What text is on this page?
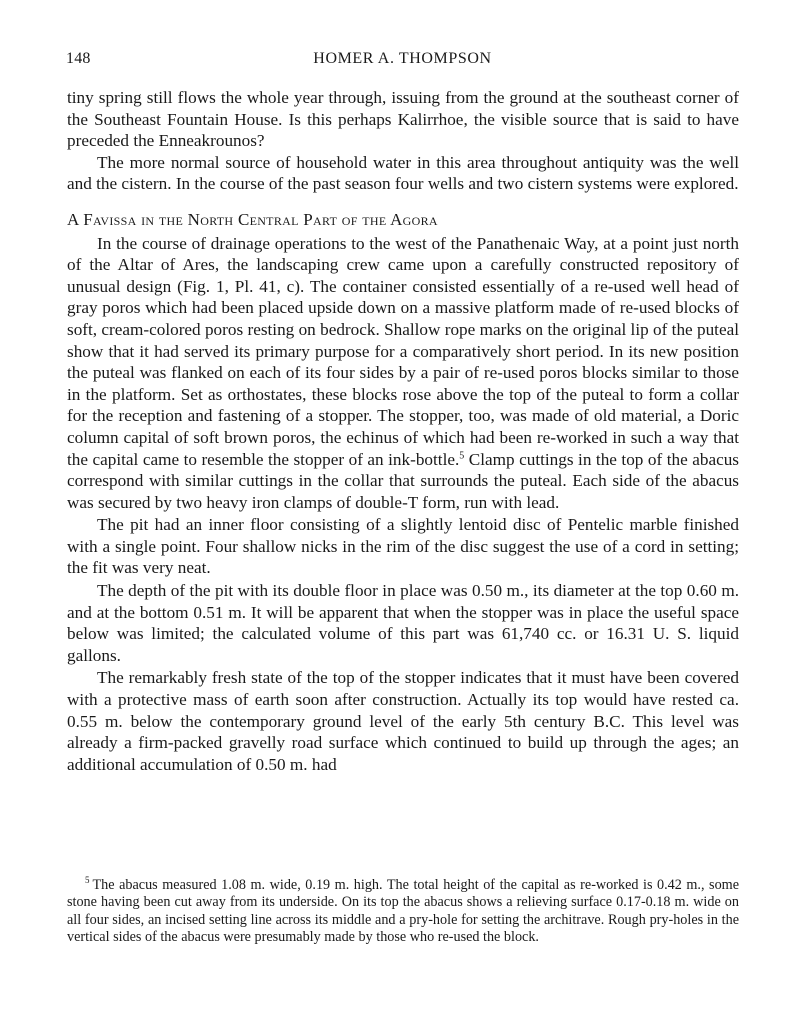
148	HOMER A. THOMPSON

tiny spring still flows the whole year through, issuing from the ground at the southeast corner of the Southeast Fountain House. Is this perhaps Kalirrhoe, the visible source that is said to have preceded the Enneakrounos?

The more normal source of household water in this area throughout antiquity was the well and the cistern. In the course of the past season four wells and two cistern systems were explored.

A Favissa in the North Central Part of the Agora

In the course of drainage operations to the west of the Panathenaic Way, at a point just north of the Altar of Ares, the landscaping crew came upon a carefully constructed repository of unusual design (Fig. 1, Pl. 41, c). The container consisted essentially of a re-used well head of gray poros which had been placed upside down on a massive platform made of re-used blocks of soft, cream-colored poros resting on bedrock. Shallow rope marks on the original lip of the puteal show that it had served its primary purpose for a comparatively short period. In its new position the puteal was flanked on each of its four sides by a pair of re-used poros blocks similar to those in the platform. Set as orthostates, these blocks rose above the top of the puteal to form a collar for the reception and fastening of a stopper. The stopper, too, was made of old material, a Doric column capital of soft brown poros, the echinus of which had been re-worked in such a way that the capital came to resemble the stopper of an ink-bottle.$^5$ Clamp cuttings in the top of the abacus correspond with similar cuttings in the collar that surrounds the puteal. Each side of the abacus was secured by two heavy iron clamps of double-T form, run with lead.

The pit had an inner floor consisting of a slightly lentoid disc of Pentelic marble finished with a single point. Four shallow nicks in the rim of the disc suggest the use of a cord in setting; the fit was very neat.

The depth of the pit with its double floor in place was 0.50 m., its diameter at the top 0.60 m. and at the bottom 0.51 m. It will be apparent that when the stopper was in place the useful space below was limited; the calculated volume of this part was 61,740 cc. or 16.31 U. S. liquid gallons.

The remarkably fresh state of the top of the stopper indicates that it must have been covered with a protective mass of earth soon after construction. Actually its top would have rested ca. 0.55 m. below the contemporary ground level of the early 5th century B.C. This level was already a firm-packed gravelly road surface which continued to build up through the ages; an additional accumulation of 0.50 m. had

$^5$ The abacus measured 1.08 m. wide, 0.19 m. high. The total height of the capital as re-worked is 0.42 m., some stone having been cut away from its underside. On its top the abacus shows a relieving surface 0.17-0.18 m. wide on all four sides, an incised setting line across its middle and a pry-hole for setting the architrave. Rough pry-holes in the vertical sides of the abacus were presumably made by those who re-used the block.
